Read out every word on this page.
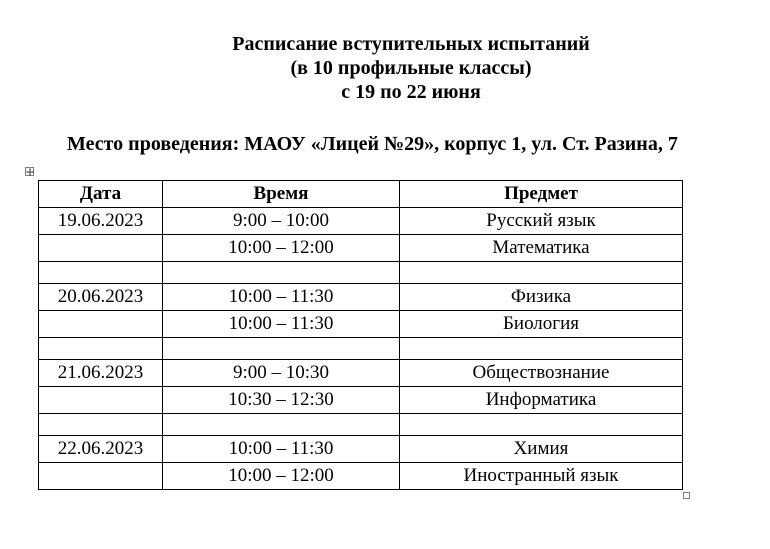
Расписание вступительных испытаний
(в 10 профильные классы)
с 19 по 22 июня
Место проведения: МАОУ «Лицей №29», корпус 1, ул. Ст. Разина, 7
Дата	Время	Предмет
19.06.2023	9:00 – 10:00	Русский язык
	10:00 – 12:00	Математика

20.06.2023	10:00 – 11:30	Физика
	10:00 – 11:30	Биология

21.06.2023	9:00 – 10:30	Обществознание
	10:30 – 12:30	Информатика

22.06.2023	10:00 – 11:30	Химия
	10:00 – 12:00	Иностранный язык
